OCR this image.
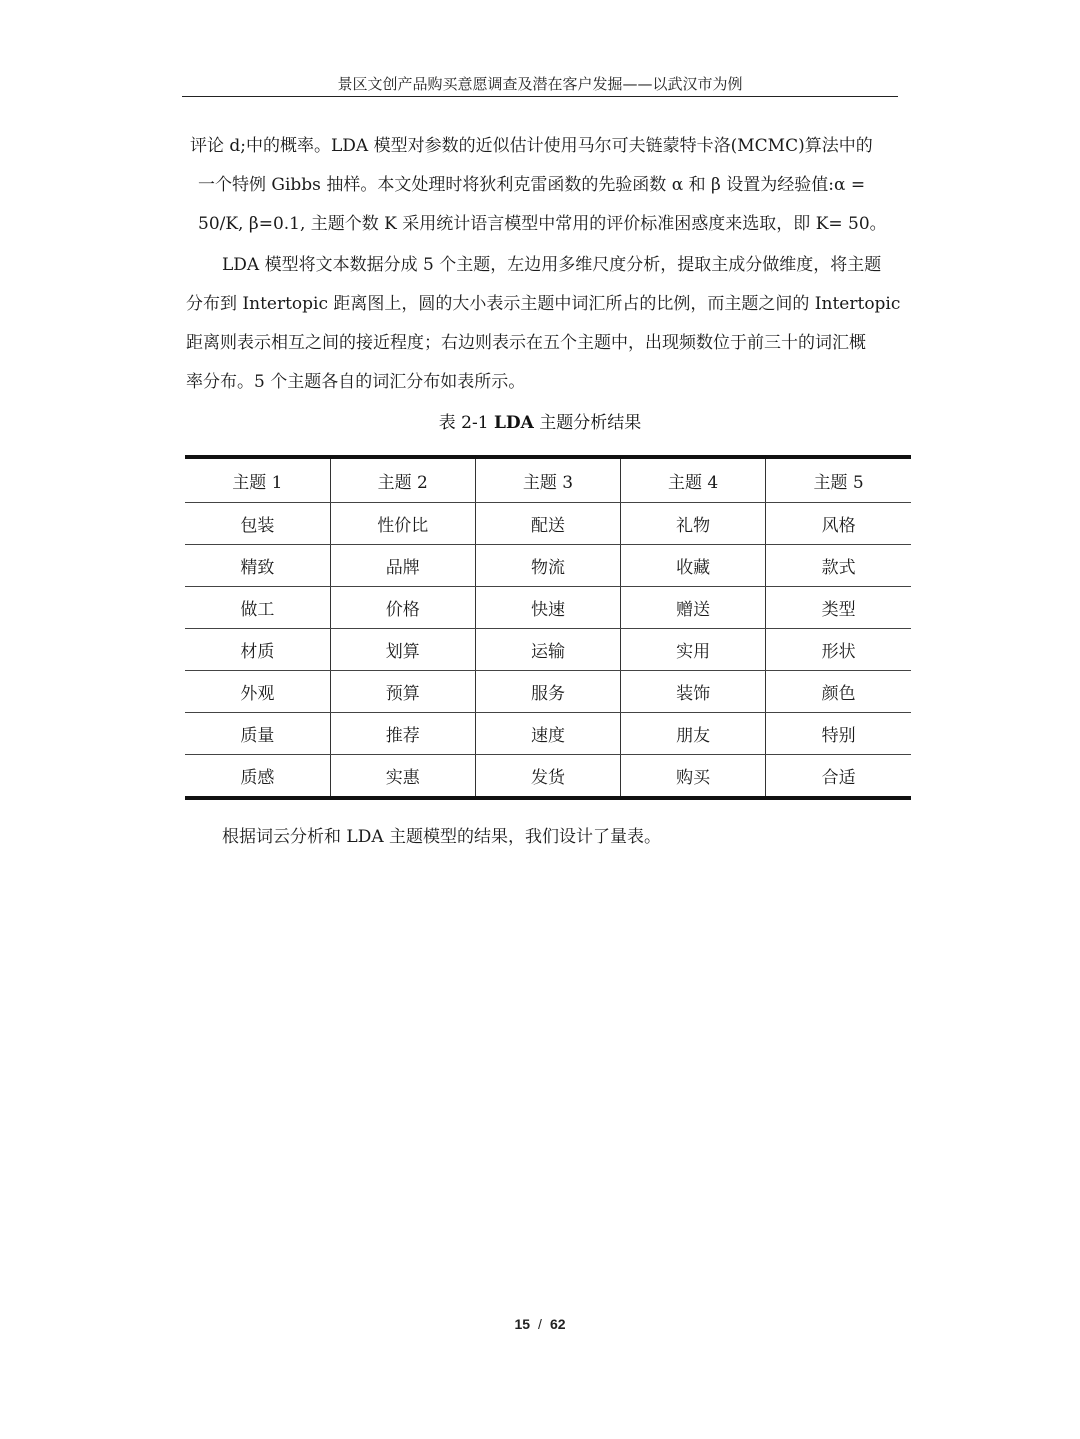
景区文创产品购买意愿调查及潜在客户发掘——以武汉市为例
评论 d;中的概率。LDA 模型对参数的近似估计使用马尔可夫链蒙特卡洛(MCMC)算法中的
一个特例 Gibbs 抽样。本文处理时将狄利克雷函数的先验函数 α 和 β 设置为经验值:α =
50/K, β=0.1, 主题个数 K 采用统计语言模型中常用的评价标准困惑度来选取，即 K= 50。
LDA 模型将文本数据分成 5 个主题，左边用多维尺度分析，提取主成分做维度，将主题
分布到 Intertopic 距离图上，圆的大小表示主题中词汇所占的比例，而主题之间的 Intertopic
距离则表示相互之间的接近程度；右边则表示在五个主题中，出现频数位于前三十的词汇概
率分布。5 个主题各自的词汇分布如表所示。
表 2-1 LDA 主题分析结果
主题 1	主题 2	主题 3	主题 4	主题 5
包装	性价比	配送	礼物	风格
精致	品牌	物流	收藏	款式
做工	价格	快速	赠送	类型
材质	划算	运输	实用	形状
外观	预算	服务	装饰	颜色
质量	推荐	速度	朋友	特别
质感	实惠	发货	购买	合适
根据词云分析和 LDA 主题模型的结果，我们设计了量表。
15 / 62
